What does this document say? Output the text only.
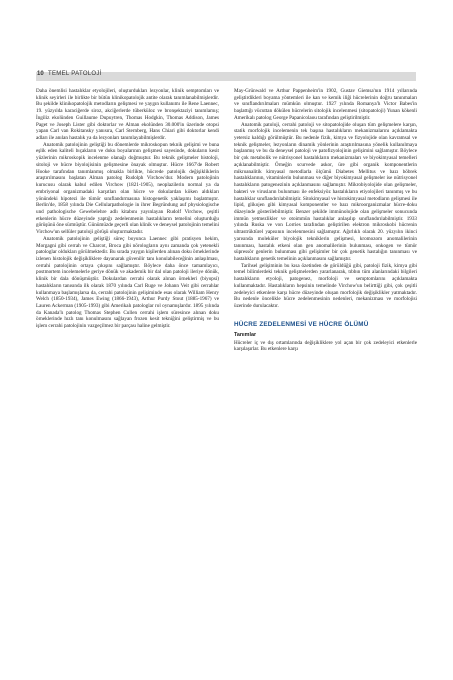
10 TEMEL PATOLOJİ

Daha önemlisi hastalıklar etyolojileri, oluşturdukları lezyonlar, klinik semptomları ve klinik seyirleri ile birlikte bir bütün klinikopatolojik antite olarak tanımlanabilmişlerdir. Bu şekilde klinikopatolojik metodların gelişmesi ve yaygın kullanımı ile Rene Laennec, 19. yüzyılda karaciğerde siroz, akciğerlerde tüberküloz ve bronşektaziyi tanımlamış; İngiliz ekolünden Guillaume Dupuytren, Thomas Hodgkin, Thomas Addison, James Paget ve Joseph Lister gibi doktorlar ve Alman ekolünden 30.000'in üzerinde otopsi yapan Carl van Rokitansky yanısıra, Carl Sternberg, Hans Chiari gibi doktorlar kendi adları ile anılan hastalık ya da lezyonları tanımlayabilmişlerdir.

Anatomik patolojinin geliştiği bu dönemlerde mikroskopun teknik gelişimi ve buna eşlik eden kaliteli bıçakların ve doku boyalarının gelişmesi sayesinde, dokuların kesit yüzlerinin mikroskopik incelenme olanağı doğmuştur. Bu teknik gelişmeler histoloji, sitoloji ve hücre biyolojisinin gelişmesine önayak olmuştur. Hücre 1667'de Robert Hooke tarafından tanımlanmış olmakla birlikte, hücrede patolojik değişikliklerin araştırılmasını başlatan Alman patolog Rudolph Virchow'dur. Modern patolojinin kurucusu olarak kabul edilen Virchow (1821-1905), neoplazilerin normal ya da embriyonal organizmadaki karşıtları olan hücre ve dokulardan köken aldıkları yönündeki hipotezi ile tümör sınıflandırmasına histogenetik yaklaşımı başlatmıştır. Berlin'de, 1858 yılında Die Cellularpathologie in ihrer Begründung auf physiologische und pathologische Gewebelehre adlı kitabını yayınlayan Rudolf Virchow, çeşitli etkenlerin hücre düzeyinde yaptığı zedelenmenin hastalıkların temelini oluşturduğu görüşünü öne sürmüştür. Günümüzde geçerli olan klinik ve deneysel patolojinin temelini Virchow'un sellüler patoloji görüşü oluşturmaktadır.

Anatomik patolojinin geliştiği süreç boyunca Laennec gibi pratisyen hekim, Morgagni gibi cerrah ve Charcot, Broca gibi nörologların aynı zamanda çok yetenekli patologlar oldukları görülmektedir. Bu sırada yaygın kişilerden alınan doku örneklerinde izlenen histolojik değişikliklere dayanarak güvenilir tanı konulabileceğinin anlaşılması, cerrahi patolojinin ortaya çıkışını sağlamıştır. Böylece daha önce tamamlayıcı, postmortem incelemelerle geriye dönük ve akademik bir dal olan patoloji ileriye dönük, klinik bir dala dönüşmüştür. Dokulardan cerrahi olarak alınan örnekleri (biyopsi) hastalıkların tanısında ilk olarak 1870 yılında Carl Ruge ve Johann Veit gibi cerrahlar kullanmaya başlamışlarsa da, cerrahi patolojinin gelişiminde esas olarak William Henry Welch (1850-1934), James Ewing (1866-1943), Arthur Purdy Stout (1885-1967) ve Lauren Ackerman (1905-1993) gibi Amerikalı patologlar rol oynamışlardır. 1895 yılında da Kanada'lı patolog Thomas Stephen Cullen cerrahi işlem süresince alınan doku örneklerinde hızlı tanı konulmasını sağlayan frozen kesit tekniğini geliştirmiş ve bu işlem cerrahi patolojinin vazgeçilmez bir parçası haline gelmiştir.

May-Grünwald ve Arthur Pappenheim'in 1902, Gustav Giemsa'nın 1914 yıllarında geliştirdikleri boyama yöntemleri ile kan ve kemik iliği hücrelerinin doğru tanınmaları ve sınıflandırılmaları mümkün olmuştur. 1927 yılında Romanya'lı Victor Babes'in başlattığı vücuttan dökülen hücrelerin sitolojik incelenmesi (sitopatoloji) Yunan kökenli Amerikalı patolog George Papanicolaou tarafından geliştirilmiştir.

Anatomik patoloji, cerrahi patoloji ve sitopatolojide oluşan tüm gelişmelere karşın, statik morfolojik incelemenin tek başına hastalıkların mekanizmalarını açıklamakta yetersiz kaldığı görülmüştür. Bu nedenle fizik, kimya ve fizyolojide olan kavramsal ve teknik gelişmeler, lezyonların dinamik yönlerinin araştırılmasına yönelik kullanılmaya başlanmış ve bu da deneysel patoloji ve patofizyolojinin gelişimini sağlamıştır. Böylece bir çok metabolik ve nütrisyonel hastalıkların mekanizmaları ve biyokimyasal temelleri açıklanabilmiştir. Örneğin scurvede askor, üre gibi organik komponentlerin mikroanalitik kimyasal metodlarla ölçümü Diabetes Mellitus ve bazı böbrek hastalıklarının, vitaminlerin bulunması ve diğer biyokimyasal gelişmeler ise nütrisyonel hastalıkların patogenezinin açıklanmasını sağlamıştır. Mikrobiyolojide olan gelişmeler, bakteri ve virusların bulunması ile enfeksiyöz hastalıkların etiyolojileri tanınmış ve bu hastalıklar sınıflandırılabilmiştir. Sitokimyasal ve histokimyasal metodların gelişmesi ile lipid, glikojen gibi kimyasal komponentler ve bazı mikroorganizmalar hücre-doku düzeyinde gösterilebilmiştir. Benzer şekilde immünolojide olan gelişmeler sonucunda immün yetmezlikler ve otoimmün hastalıklar anlaşılıp sınıflandırılabilmiştir. 1933 yılında Ruska ve von Lorries tarafından geliştirilen elektron mikroskobi hücrenin ultrastrüktürel yapısının incelenmesini sağlamıştır. Ağırlıklı olarak 20. yüzyılın ikinci yarısında moleküler biyolojik tekniklerin gelişmesi, kromozom anomalilerinin tanınması, hastalık etkeni olan gen anomalilerinin bulunması, onkogen ve tümör süpressör genlerin bulunması gibi gelişimler bir çok genetik hastalığın tanınması ve hastalıkların genetik temelinin açıklanmasını sağlamıştır.

Tarihsel gelişiminin bu kısa özetinden de görüldüğü gibi, patoloji fizik, kimya gibi temel bilimlerdeki teknik gelişmelerden yararlanarak, tıbbın tüm alanlarındaki bilgileri hastalıkların etyoloji, patogenez, morfoloji ve semptomlarını açıklamakta kullanmaktadır. Hastalıkların hepsinin temelinde Virchow'un belirttiği gibi, çok çeşitli zedeleyici etkenlere karşı hücre düzeyinde oluşan morfolojik değişiklikler yatmaktadır. Bu nedenle öncelikle hücre zedelenmesinin nedenleri, mekanizması ve morfolojisi üzerinde durulacaktır.

HÜCRE ZEDELENMESİ VE HÜCRE ÖLÜMÜ
Tanımlar

Hücreler iç ve dış ortamlarında değişikliklere yol açan bir çok zedeleyici etkenlerle karşılaşırlar. Bu etkenlere karşı
